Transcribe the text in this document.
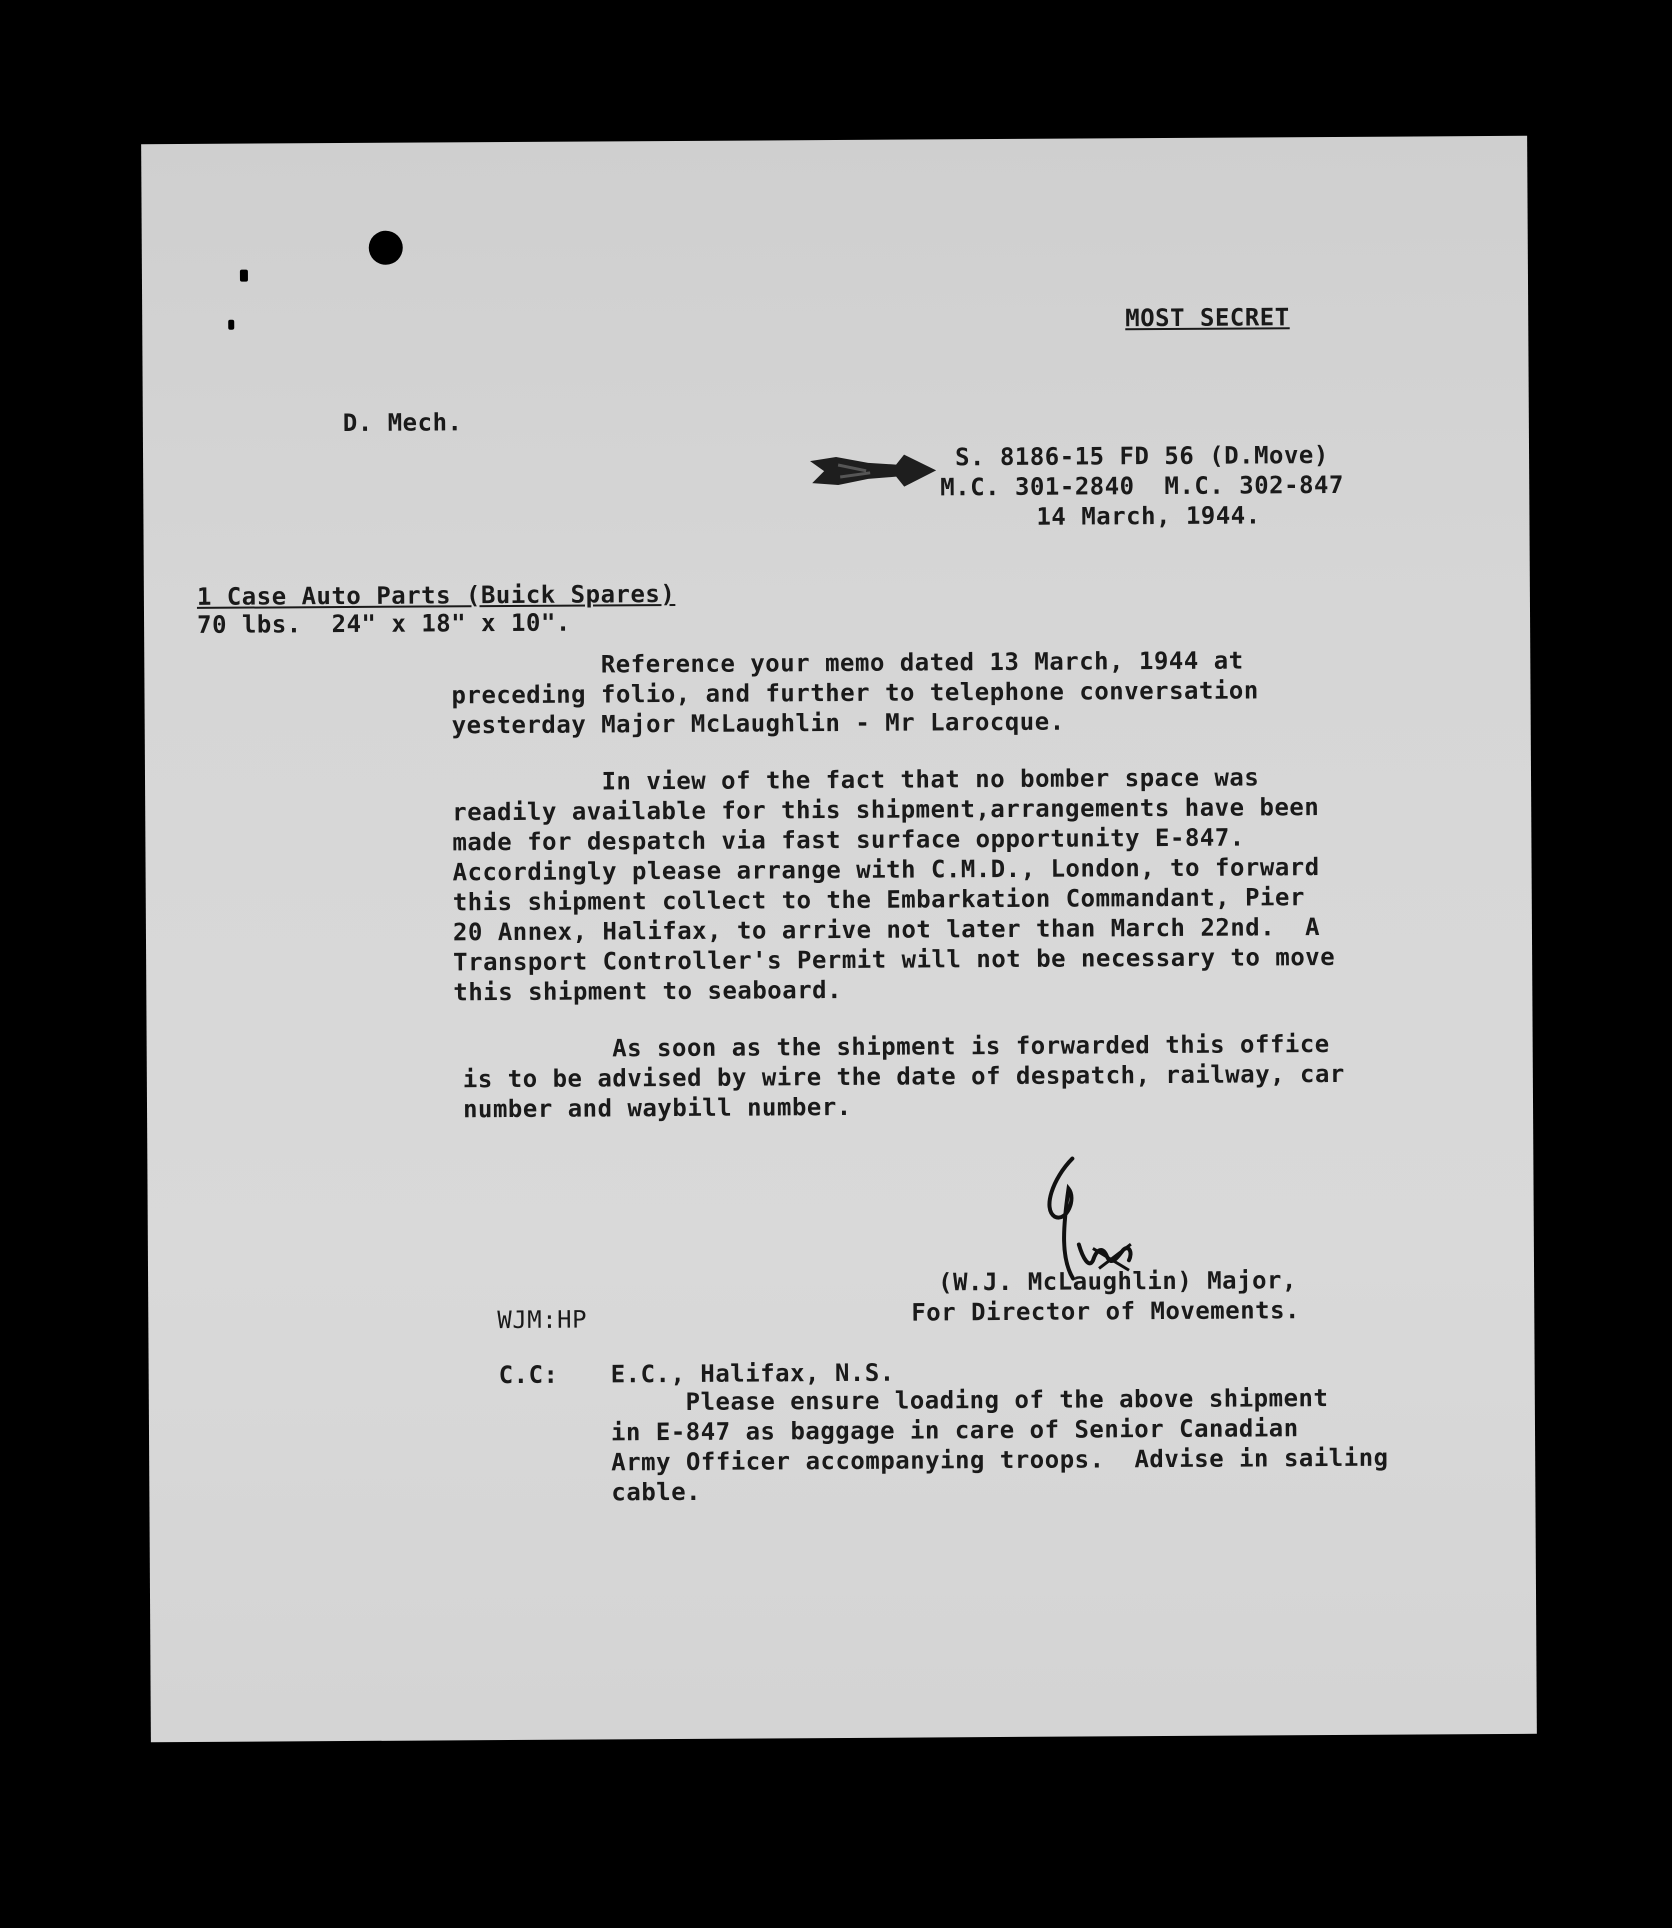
MOST SECRET

D. Mech.

S. 8186-15 FD 56 (D.Move)

M.C. 301-2840  M.C. 302-847

14 March, 1944.

1 Case Auto Parts (Buick Spares)

70 lbs.  24" x 18" x 10".

Reference your memo dated 13 March, 1944 at

preceding folio, and further to telephone conversation

yesterday Major McLaughlin - Mr Larocque.

In view of the fact that no bomber space was

readily available for this shipment,arrangements have been

made for despatch via fast surface opportunity E-847.

Accordingly please arrange with C.M.D., London, to forward

this shipment collect to the Embarkation Commandant, Pier

20 Annex, Halifax, to arrive not later than March 22nd.  A

Transport Controller's Permit will not be necessary to move

this shipment to seaboard.

As soon as the shipment is forwarded this office

is to be advised by wire the date of despatch, railway, car

number and waybill number.

(W.J. McLaughlin) Major,

For Director of Movements.

WJM:HP

C.C: E.C., Halifax, N.S.

Please ensure loading of the above shipment

in E-847 as baggage in care of Senior Canadian

Army Officer accompanying troops.  Advise in sailing

cable.
